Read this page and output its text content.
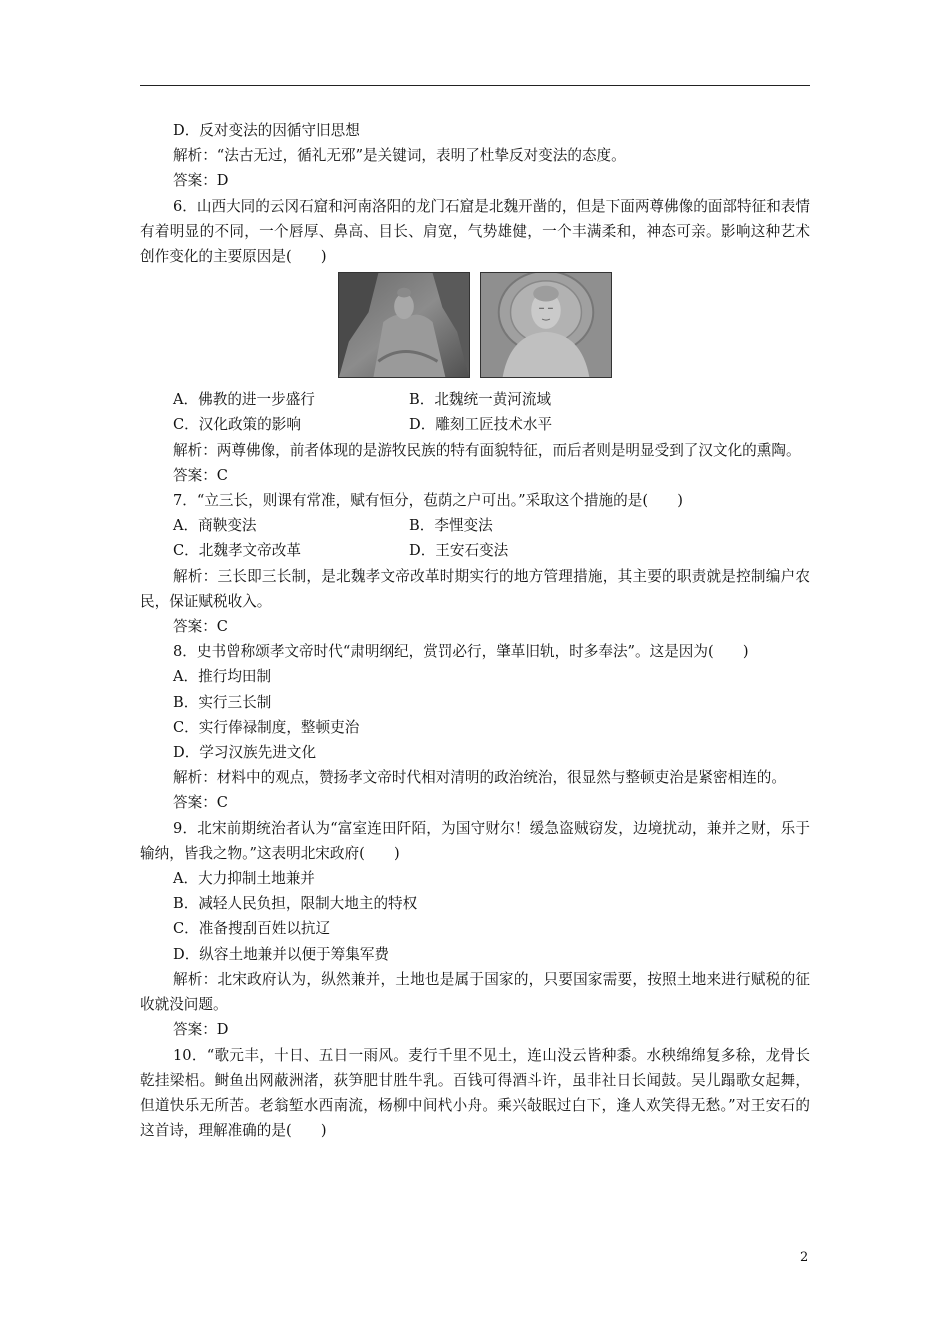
D．反对变法的因循守旧思想

解析：“法古无过，循礼无邪”是关键词，表明了杜挚反对变法的态度。

答案：D

6．山西大同的云冈石窟和河南洛阳的龙门石窟是北魏开凿的，但是下面两尊佛像的面部特征和表情有着明显的不同，一个唇厚、鼻高、目长、肩宽，气势雄健，一个丰满柔和，神态可亲。影响这种艺术创作变化的主要原因是(　　)

A．佛教的进一步盛行	B．北魏统一黄河流域
C．汉化政策的影响	D．雕刻工匠技术水平

解析：两尊佛像，前者体现的是游牧民族的特有面貌特征，而后者则是明显受到了汉文化的熏陶。

答案：C

7．“立三长，则课有常准，赋有恒分，苞荫之户可出。”采取这个措施的是(　　)

A．商鞅变法	B．李悝变法
C．北魏孝文帝改革	D．王安石变法

解析：三长即三长制，是北魏孝文帝改革时期实行的地方管理措施，其主要的职责就是控制编户农民，保证赋税收入。

答案：C

8．史书曾称颂孝文帝时代“肃明纲纪，赏罚必行，肇革旧轨，时多奉法”。这是因为(　　)

A．推行均田制

B．实行三长制

C．实行俸禄制度，整顿吏治

D．学习汉族先进文化

解析：材料中的观点，赞扬孝文帝时代相对清明的政治统治，很显然与整顿吏治是紧密相连的。

答案：C

9．北宋前期统治者认为“富室连田阡陌，为国守财尔！缓急盗贼窃发，边境扰动，兼并之财，乐于输纳，皆我之物。”这表明北宋政府(　　)

A．大力抑制土地兼并

B．减轻人民负担，限制大地主的特权

C．准备搜刮百姓以抗辽

D．纵容土地兼并以便于筹集军费

解析：北宋政府认为，纵然兼并，土地也是属于国家的，只要国家需要，按照土地来进行赋税的征收就没问题。

答案：D

10．“歌元丰，十日、五日一雨风。麦行千里不见土，连山没云皆种黍。水秧绵绵复多稌，龙骨长乾挂梁梠。鲥鱼出网蔽洲渚，荻笋肥甘胜牛乳。百钱可得酒斗许，虽非社日长闻鼓。吴儿蹋歌女起舞，但道快乐无所苦。老翁堑水西南流，杨柳中间杙小舟。乘兴敧眠过白下，逢人欢笑得无愁。”对王安石的这首诗，理解准确的是(　　)

2
